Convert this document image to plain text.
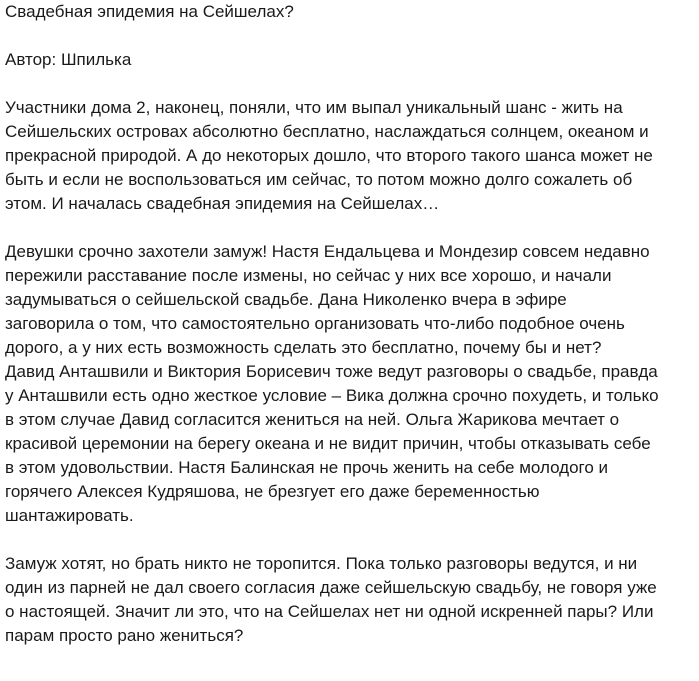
Свадебная эпидемия на Сейшелах?
Автор: Шпилька
Участники дома 2, наконец, поняли, что им выпал уникальный шанс - жить на
Сейшельских островах абсолютно бесплатно, наслаждаться солнцем, океаном и
прекрасной природой. А до некоторых дошло, что второго такого шанса может не
быть и если не воспользоваться им сейчас, то потом можно долго сожалеть об
этом. И началась свадебная эпидемия на Сейшелах…
Девушки срочно захотели замуж! Настя Ендальцева и Мондезир совсем недавно
пережили расставание после измены, но сейчас у них все хорошо, и начали
задумываться о сейшельской свадьбе. Дана Николенко вчера в эфире
заговорила о том, что самостоятельно организовать что-либо подобное очень
дорого, а у них есть возможность сделать это бесплатно, почему бы и нет?
Давид Анташвили и Виктория Борисевич тоже ведут разговоры о свадьбе, правда
у Анташвили есть одно жесткое условие – Вика должна срочно похудеть, и только
в этом случае Давид согласится жениться на ней. Ольга Жарикова мечтает о
красивой церемонии на берегу океана и не видит причин, чтобы отказывать себе
в этом удовольствии. Настя Балинская не прочь женить на себе молодого и
горячего Алексея Кудряшова, не брезгует его даже беременностью
шантажировать.
Замуж хотят, но брать никто не торопится. Пока только разговоры ведутся, и ни
один из парней не дал своего согласия даже сейшельскую свадьбу, не говоря уже
о настоящей. Значит ли это, что на Сейшелах нет ни одной искренней пары? Или
парам просто рано жениться?
